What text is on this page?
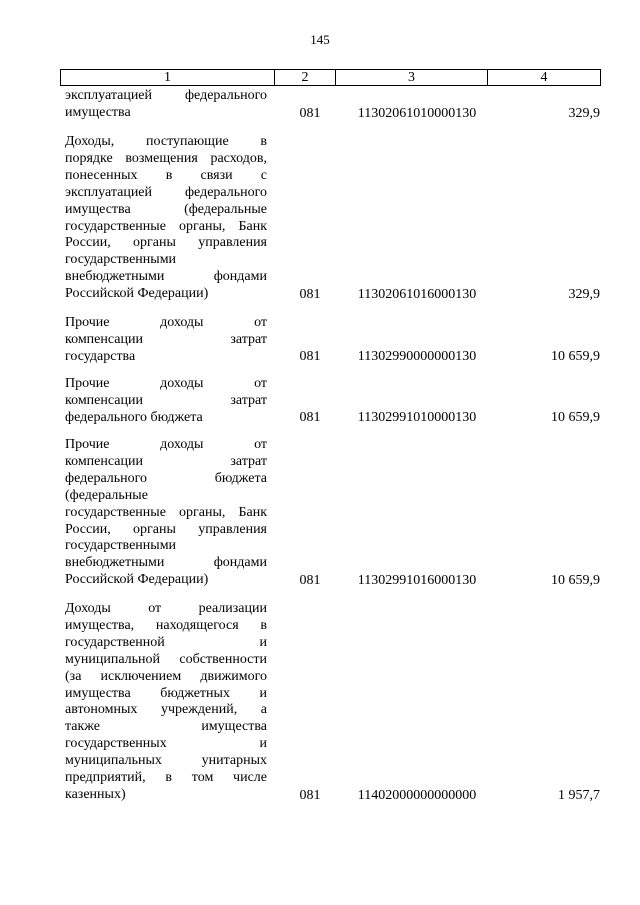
145
1	2	3	4
эксплуатацией федерального
имущества	081	11302061010000130	329,9
Доходы, поступающие в
порядке возмещения расходов,
понесенных в связи с
эксплуатацией федерального
имущества (федеральные
государственные органы, Банк
России, органы управления
государственными
внебюджетными фондами
Российской Федерации)	081	11302061016000130	329,9
Прочие доходы от
компенсации затрат
государства	081	11302990000000130	10 659,9
Прочие доходы от
компенсации затрат
федерального бюджета	081	11302991010000130	10 659,9
Прочие доходы от
компенсации затрат
федерального бюджета
(федеральные
государственные органы, Банк
России, органы управления
государственными
внебюджетными фондами
Российской Федерации)	081	11302991016000130	10 659,9
Доходы от реализации
имущества, находящегося в
государственной и
муниципальной собственности
(за исключением движимого
имущества бюджетных и
автономных учреждений, а
также имущества
государственных и
муниципальных унитарных
предприятий, в том числе
казенных)	081	11402000000000000	1 957,7
